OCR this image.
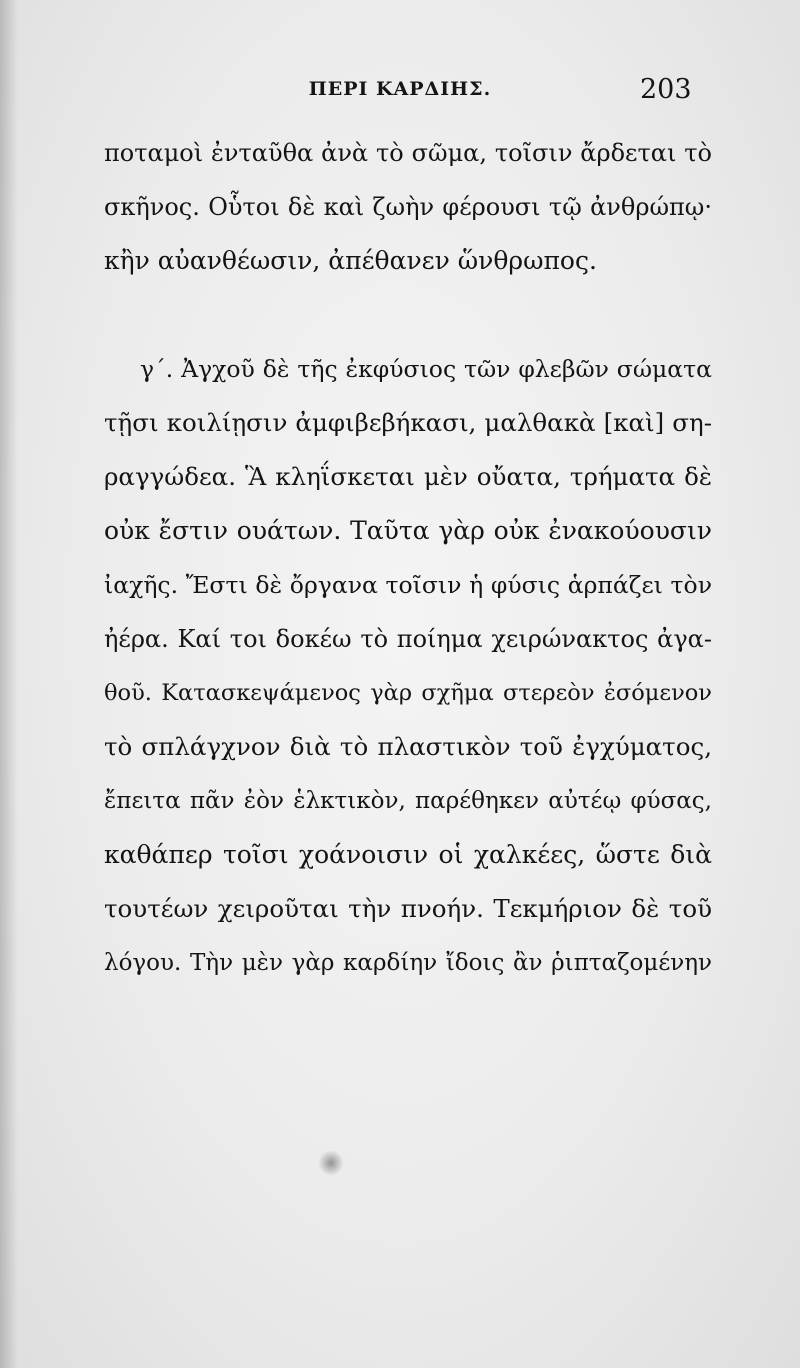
ΠΕΡΙ ΚΑΡΔΙΗΣ.	203
ποταμοὶ ἐνταῦθα ἀνὰ τὸ σῶμα, τοῖσιν ἄρδεται τὸ
σκῆνος. Οὗτοι δὲ καὶ ζωὴν φέρουσι τῷ ἀνθρώπῳ·
κἢν αὐανθέωσιν, ἀπέθανεν ὥνθρωπος.
γ΄. Ἀγχοῦ δὲ τῆς ἐκφύσιος τῶν φλεβῶν σώματα
τῇσι κοιλίῃσιν ἀμφιβεβήκασι, μαλθακὰ [καὶ] ση-
ραγγώδεα. Ἃ κληΐσκεται μὲν οὔατα, τρήματα δὲ
οὐκ ἔστιν ουάτων. Ταῦτα γὰρ οὐκ ἐνακούουσιν
ἰαχῆς. Ἔστι δὲ ὄργανα τοῖσιν ἡ φύσις ἁρπάζει τὸν
ἠέρα. Καί τοι δοκέω τὸ ποίημα χειρώνακτος ἀγα-
θοῦ. Κατασκεψάμενος γὰρ σχῆμα στερεὸν ἐσόμενον
τὸ σπλάγχνον διὰ τὸ πλαστικὸν τοῦ ἐγχύματος,
ἔπειτα πᾶν ἐὸν ἑλκτικὸν, παρέθηκεν αὐτέῳ φύσας,
καθάπερ τοῖσι χοάνοισιν οἱ χαλκέες, ὥστε διὰ
τουτέων χειροῦται τὴν πνοήν. Τεκμήριον δὲ τοῦ
λόγου. Τὴν μὲν γὰρ καρδίην ἴδοις ἂν ῥιπταζομένην
